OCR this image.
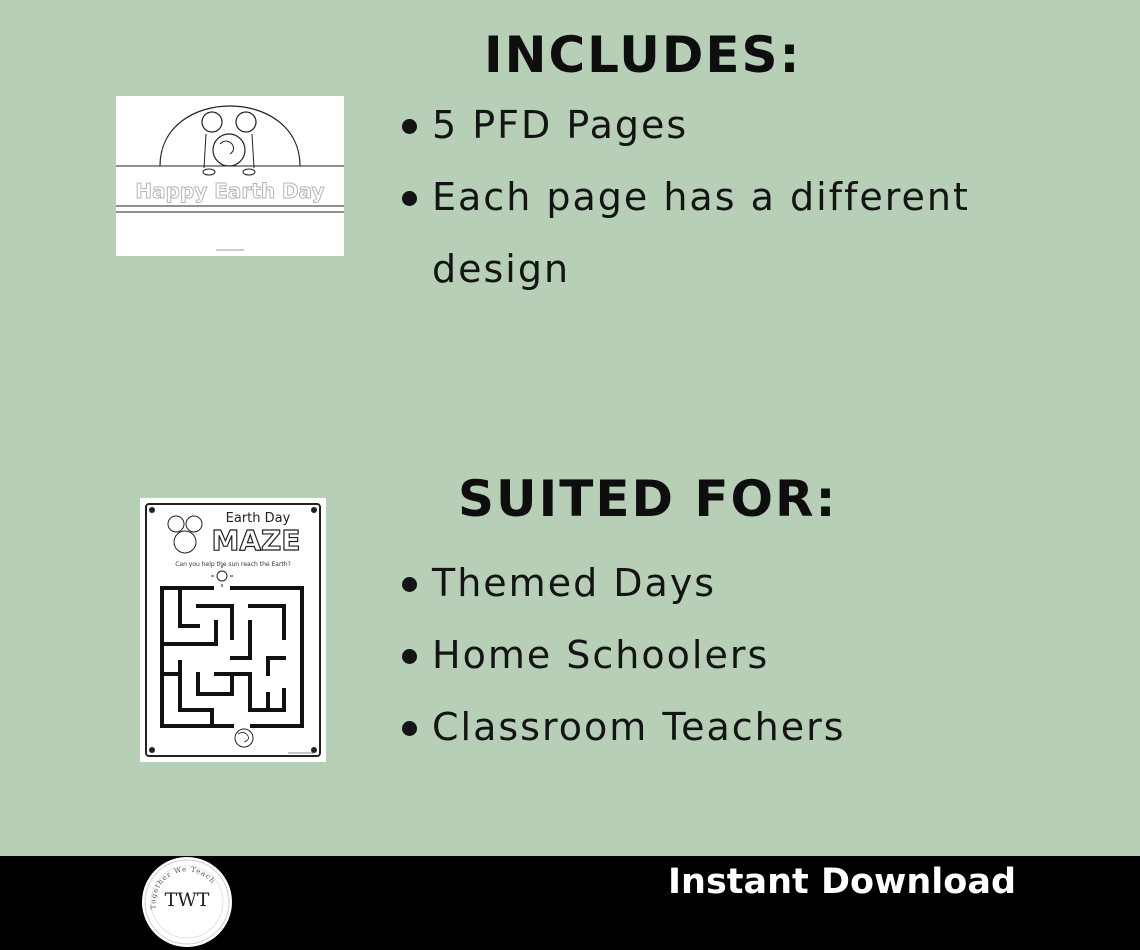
INCLUDES:
5 PFD Pages
Each page has a different design
Happy Earth Day
Earth Day
MAZE
Can you help the sun reach the Earth?
SUITED FOR:
Themed Days
Home Schoolers
Classroom Teachers
Together We Teach
TWT	Instant Download
